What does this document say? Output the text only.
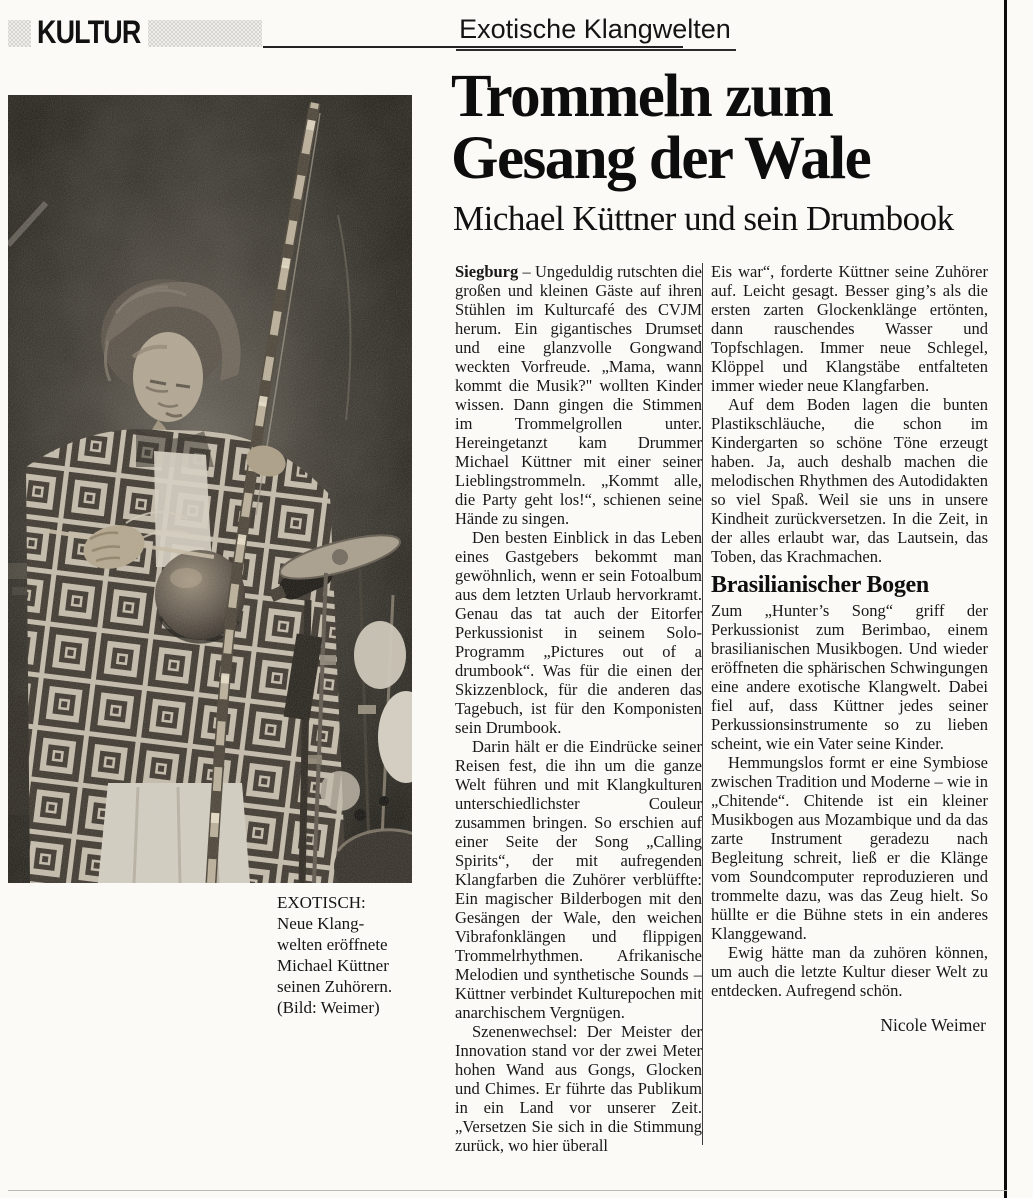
KULTUR	Exotische Klangwelten
Trommeln zum
Gesang der Wale
Michael Küttner und sein Drumbook
EXOTISCH:
Neue Klang-
welten eröffnete
Michael Küttner
seinen Zuhörern.
(Bild: Weimer)

Siegburg – Ungeduldig rutschten die großen und kleinen Gäste auf ihren Stühlen im Kulturcafé des CVJM herum. Ein gigantisches Drumset und eine glanzvolle Gongwand weckten Vorfreude. „Mama, wann kommt die Musik?" wollten Kinder wissen. Dann gingen die Stimmen im Trommelgrollen unter. Hereingetanzt kam Drummer Michael Küttner mit einer seiner Lieblingstrommeln. „Kommt alle, die Party geht los!“, schienen seine Hände zu singen.

Den besten Einblick in das Leben eines Gastgebers bekommt man gewöhnlich, wenn er sein Fotoalbum aus dem letzten Urlaub hervorkramt. Genau das tat auch der Eitorfer Perkussionist in seinem Solo-Programm „Pictures out of a drumbook“. Was für die einen der Skizzenblock, für die anderen das Tagebuch, ist für den Komponisten sein Drumbook.

Darin hält er die Eindrücke seiner Reisen fest, die ihn um die ganze Welt führen und mit Klangkulturen unterschiedlichster Couleur zusammen bringen. So erschien auf einer Seite der Song „Calling Spirits“, der mit aufregenden Klangfarben die Zuhörer verblüffte: Ein magischer Bilderbogen mit den Gesängen der Wale, den weichen Vibrafonklängen und flippigen Trommelrhythmen. Afrikanische Melodien und synthetische Sounds – Küttner verbindet Kulturepochen mit anarchischem Vergnügen.

Szenenwechsel: Der Meister der Innovation stand vor der zwei Meter hohen Wand aus Gongs, Glocken und Chimes. Er führte das Publikum in ein Land vor unserer Zeit. „Versetzen Sie sich in die Stimmung zurück, wo hier überall

Eis war“, forderte Küttner seine Zuhörer auf. Leicht gesagt. Besser ging’s als die ersten zarten Glockenklänge ertönten, dann rauschendes Wasser und Topfschlagen. Immer neue Schlegel, Klöppel und Klangstäbe entfalteten immer wieder neue Klangfarben.

Auf dem Boden lagen die bunten Plastikschläuche, die schon im Kindergarten so schöne Töne erzeugt haben. Ja, auch deshalb machen die melodischen Rhythmen des Autodidakten so viel Spaß. Weil sie uns in unsere Kindheit zurückversetzen. In die Zeit, in der alles erlaubt war, das Lautsein, das Toben, das Krachmachen.

Brasilianischer Bogen

Zum „Hunter’s Song“ griff der Perkussionist zum Berimbao, einem brasilianischen Musikbogen. Und wieder eröffneten die sphärischen Schwingungen eine andere exotische Klangwelt. Dabei fiel auf, dass Küttner jedes seiner Perkussionsinstrumente so zu lieben scheint, wie ein Vater seine Kinder.

Hemmungslos formt er eine Symbiose zwischen Tradition und Moderne – wie in „Chitende“. Chitende ist ein kleiner Musikbogen aus Mozambique und da das zarte Instrument geradezu nach Begleitung schreit, ließ er die Klänge vom Soundcomputer reproduzieren und trommelte dazu, was das Zeug hielt. So hüllte er die Bühne stets in ein anderes Klanggewand.

Ewig hätte man da zuhören können, um auch die letzte Kultur dieser Welt zu entdecken. Aufregend schön.

Nicole Weimer
